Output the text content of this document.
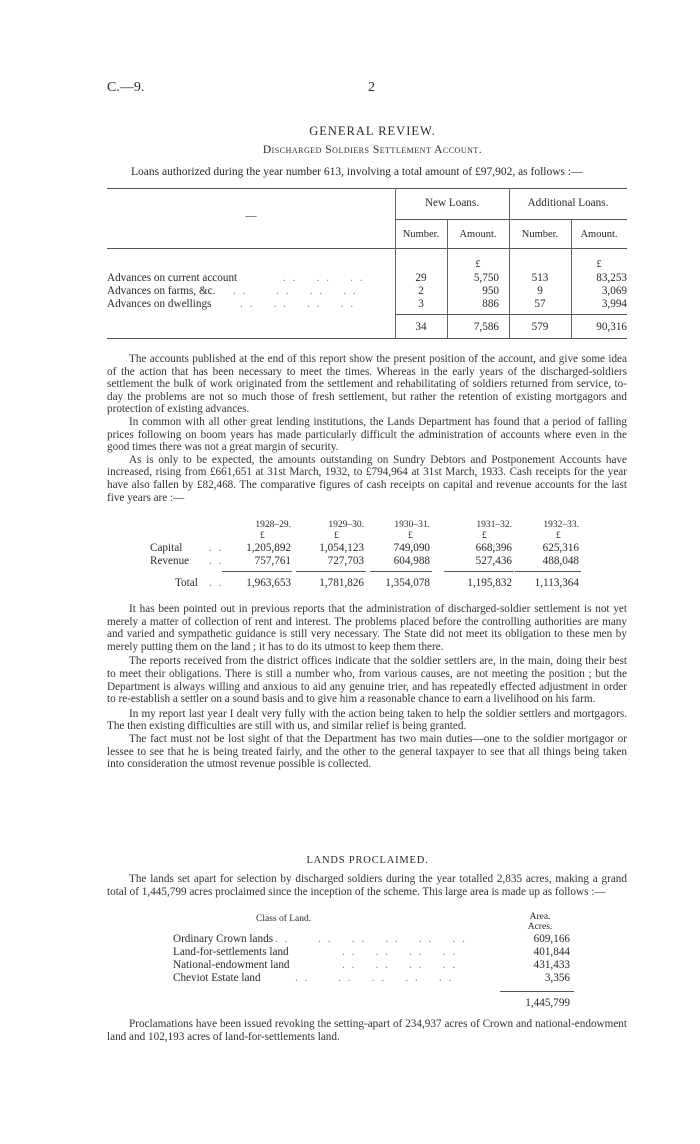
C.—9.	2
GENERAL REVIEW.
Discharged Soldiers Settlement Account.
Loans authorized during the year number 613, involving a total amount of £97,902, as follows :—
—
New Loans.	Additional Loans.
Number.	Amount.	Number.	Amount.
£	£
Advances on current account	. .    . .    . .	29	5,750	513	83,253
Advances on farms, &c. . .      . .    . .    . .	2	950	9	3,069
Advances on dwellings	. .    . .    . .    . .	3	886	57	3,994
34	7,586	579	90,316

The accounts published at the end of this report show the present position of the account, and give some idea of the action that has been necessary to meet the times. Whereas in the early years of the discharged-soldiers settlement the bulk of work originated from the settlement and rehabilitating of soldiers returned from service, to-day the problems are not so much those of fresh settlement, but rather the retention of existing mortgagors and protection of existing advances.

In common with all other great lending institutions, the Lands Department has found that a period of falling prices following on boom years has made particularly difficult the administration of accounts where even in the good times there was not a great margin of security.

As is only to be expected, the amounts outstanding on Sundry Debtors and Postponement Accounts have increased, rising from £661,651 at 31st March, 1932, to £794,964 at 31st March, 1933. Cash receipts for the year have also fallen by £82,468. The comparative figures of cash receipts on capital and revenue accounts for the last five years are :—

1928–29.	1929–30.	1930–31.	1931–32.	1932–33.
£	£	£	£	£
Capital . .	1,205,892	1,054,123	749,090	668,396	625,316
Revenue . .	757,761	727,703	604,988	527,436	488,048
Total . .	1,963,653	1,781,826	1,354,078	1,195,832	1,113,364

It has been pointed out in previous reports that the administration of discharged-soldier settlement is not yet merely a matter of collection of rent and interest. The problems placed before the controlling authorities are many and varied and sympathetic guidance is still very necessary. The State did not meet its obligation to these men by merely putting them on the land ; it has to do its utmost to keep them there.

The reports received from the district offices indicate that the soldier settlers are, in the main, doing their best to meet their obligations. There is still a number who, from various causes, are not meeting the position ; but the Department is always willing and anxious to aid any genuine trier, and has repeatedly effected adjustment in order to re-establish a settler on a sound basis and to give him a reasonable chance to earn a livelihood on his farm.

In my report last year I dealt very fully with the action being taken to help the soldier settlers and mortgagors. The then existing difficulties are still with us, and similar relief is being granted.

The fact must not be lost sight of that the Department has two main duties—one to the soldier mortgagor or lessee to see that he is being treated fairly, and the other to the general taxpayer to see that all things being taken into consideration the utmost revenue possible is collected.

LANDS PROCLAIMED.

The lands set apart for selection by discharged soldiers during the year totalled 2,835 acres, making a grand total of 1,445,799 acres proclaimed since the inception of the scheme. This large area is made up as follows :—

Class of Land.	Area.
Acres.
Ordinary Crown lands . .      . .    . .    . .    . .    . .	609,166
Land-for-settlements land	. .    . .    . .    . .	401,844
National-endowment land	. .    . .    . .    . .	431,433
Cheviot Estate land	. .      . .    . .    . .    . .	3,356
1,445,799

Proclamations have been issued revoking the setting-apart of 234,937 acres of Crown and national-endowment land and 102,193 acres of land-for-settlements land.
